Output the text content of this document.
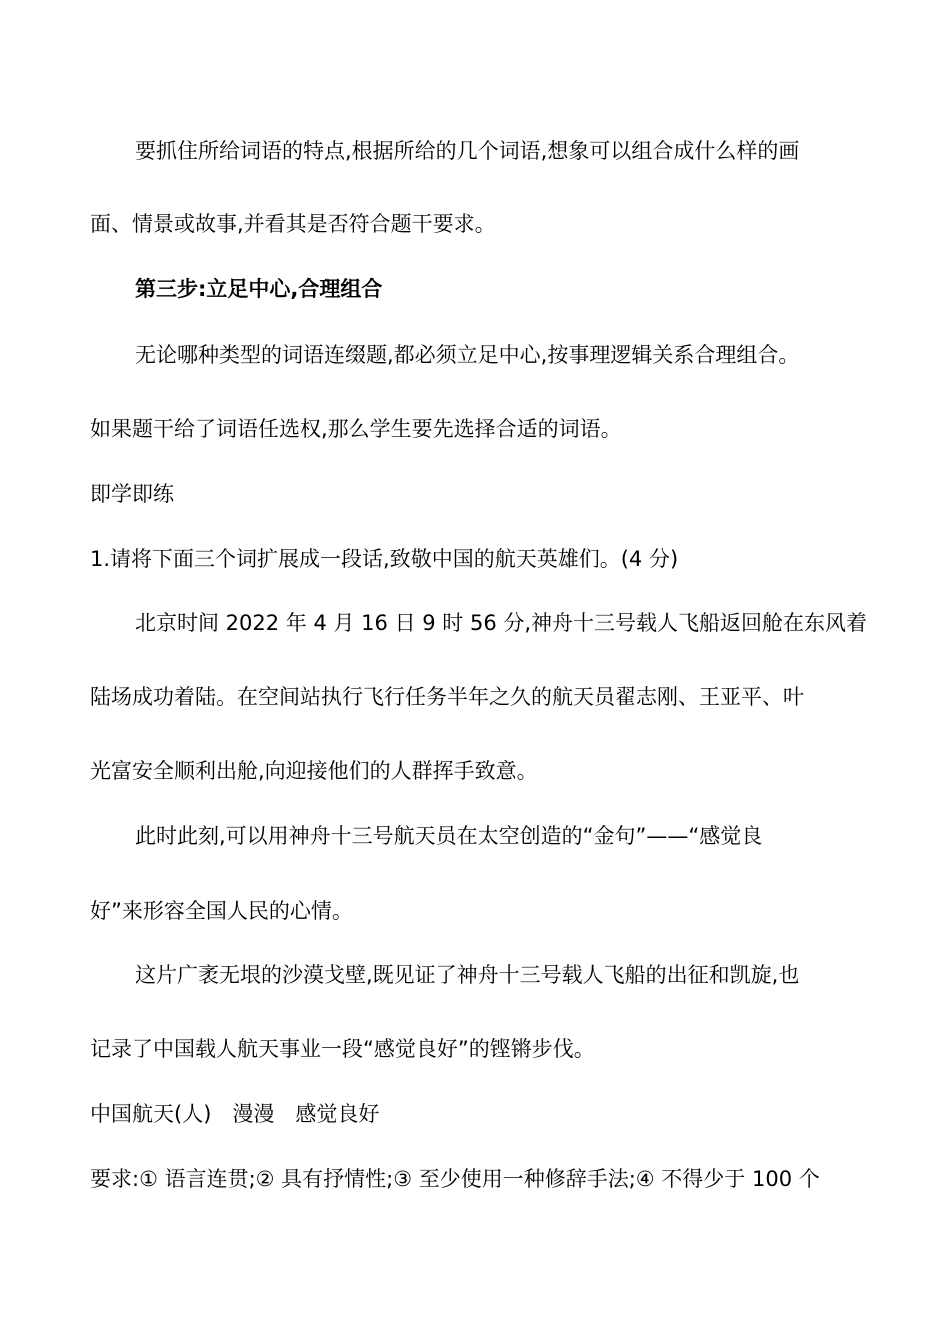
要抓住所给词语的特点,根据所给的几个词语,想象可以组合成什么样的画
面、情景或故事,并看其是否符合题干要求。
第三步:立足中心,合理组合
无论哪种类型的词语连缀题,都必须立足中心,按事理逻辑关系合理组合。
如果题干给了词语任选权,那么学生要先选择合适的词语。
即学即练
1.请将下面三个词扩展成一段话,致敬中国的航天英雄们。(4 分)
北京时间 2022 年 4 月 16 日 9 时 56 分,神舟十三号载人飞船返回舱在东风着
陆场成功着陆。在空间站执行飞行任务半年之久的航天员翟志刚、王亚平、叶
光富安全顺利出舱,向迎接他们的人群挥手致意。
此时此刻,可以用神舟十三号航天员在太空创造的“金句”——“感觉良
好”来形容全国人民的心情。
这片广袤无垠的沙漠戈壁,既见证了神舟十三号载人飞船的出征和凯旋,也
记录了中国载人航天事业一段“感觉良好”的铿锵步伐。
中国航天(人)　漫漫　感觉良好
要求:① 语言连贯;② 具有抒情性;③ 至少使用一种修辞手法;④ 不得少于 100 个
